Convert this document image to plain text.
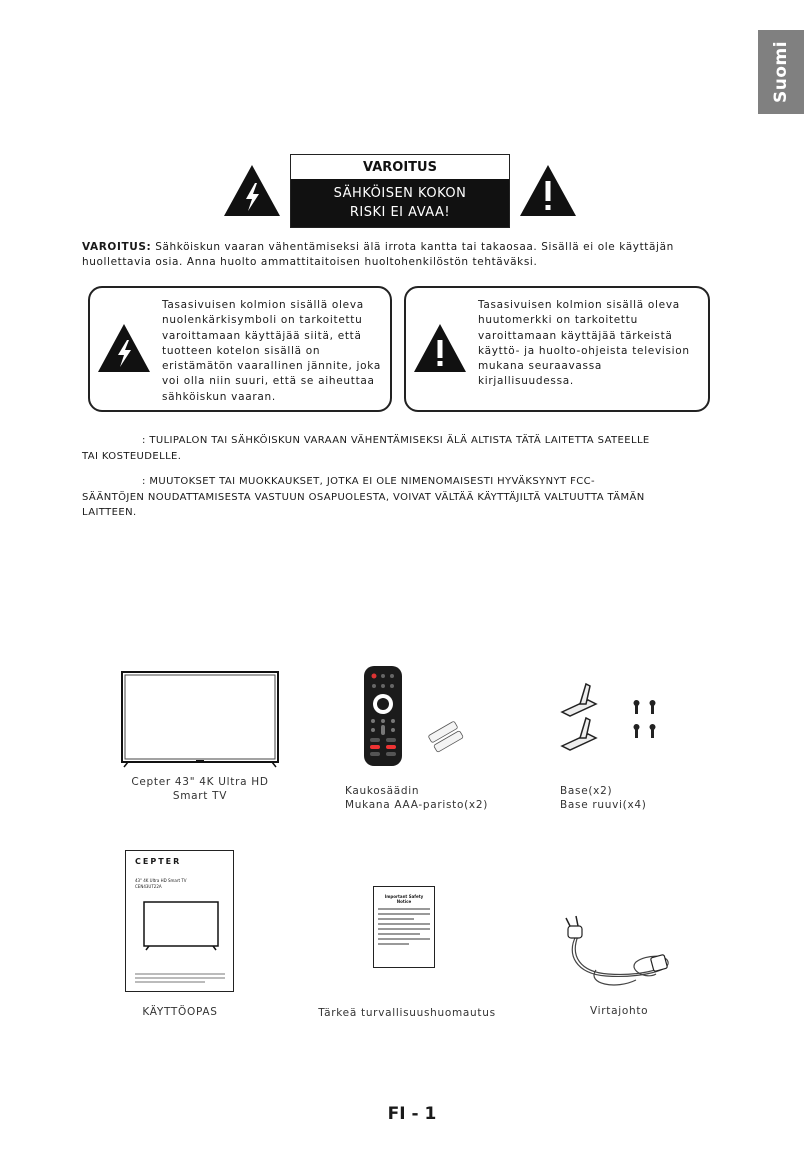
Suomi
VAROITUS
SÄHKÖISEN KOKON
RISKI EI AVAA!
VAROITUS: Sähköiskun vaaran vähentämiseksi älä irrota kantta tai takaosaa. Sisällä ei ole käyttäjän
huollettavia osia. Anna huolto ammattitaitoisen huoltohenkilöstön tehtäväksi.
Tasasivuisen kolmion sisällä oleva
nuolenkärkisymboli on tarkoitettu
varoittamaan käyttäjää siitä, että
tuotteen kotelon sisällä on
eristämätön vaarallinen jännite, joka
voi olla niin suuri, että se aiheuttaa
sähköiskun vaaran.
Tasasivuisen kolmion sisällä oleva
huutomerkki on tarkoitettu
varoittamaan käyttäjää tärkeistä
käyttö- ja huolto-ohjeista television
mukana seuraavassa
kirjallisuudessa.
: TULIPALON TAI SÄHKÖISKUN VARAAN VÄHENTÄMISEKSI ÄLÄ ALTISTA TÄTÄ LAITETTA SATEELLE
TAI KOSTEUDELLE.
: MUUTOKSET TAI MUOKKAUKSET, JOTKA EI OLE NIMENOMAISESTI HYVÄKSYNYT FCC-
SÄÄNTÖJEN NOUDATTAMISESTA VASTUUN OSAPUOLESTA, VOIVAT VÄLTÄÄ KÄYTTÄJILTÄ VALTUUTTA TÄMÄN
LAITTEEN.
Cepter 43" 4K Ultra HD
Smart TV	Kaukosäädin
Mukana AAA-paristo(x2)
Base(x2)
Base ruuvi(x4)
CEPTER
43" 4K Ultra HD Smart TV
CEN43UT22A
KÄYTTÖOPAS
Important Safety Notice
Tärkeä turvallisuushuomautus	Virtajohto
FI - 1
